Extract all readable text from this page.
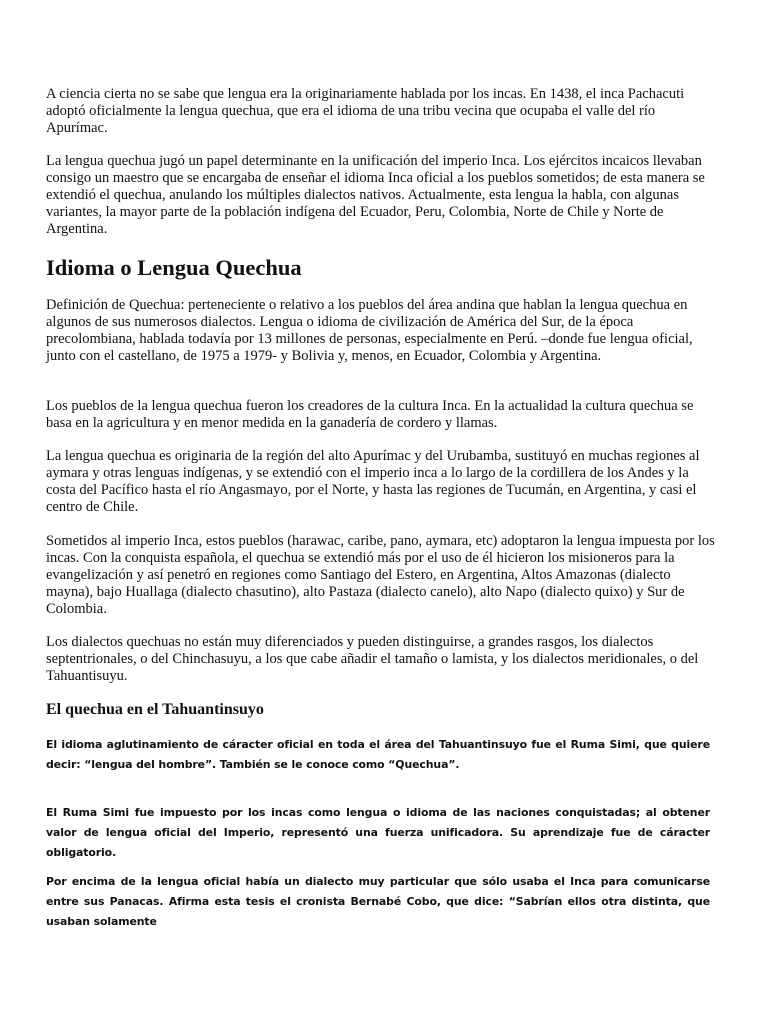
A ciencia cierta no se sabe que lengua era la originariamente hablada por los incas. En 1438, el inca Pachacuti adoptó oficialmente la lengua quechua, que era el idioma de una tribu vecina que ocupaba el valle del río Apurímac.

La lengua quechua jugó un papel determinante en la unificación del imperio Inca. Los ejércitos incaicos llevaban consigo un maestro que se encargaba de enseñar el idioma Inca oficial a los pueblos sometidos; de esta manera se extendió el quechua, anulando los múltiples dialectos nativos. Actualmente, esta lengua la habla, con algunas variantes, la mayor parte de la población indígena del Ecuador, Peru, Colombia, Norte de Chile y Norte de Argentina.

Idioma o Lengua Quechua

Definición de Quechua: perteneciente o relativo a los pueblos del área andina que hablan la lengua quechua en algunos de sus numerosos dialectos. Lengua o idioma de civilización de América del Sur, de la época precolombiana, hablada todavía por 13 millones de personas, especialmente en Perú. –donde fue lengua oficial, junto con el castellano, de 1975 a 1979- y Bolivia y, menos, en Ecuador, Colombia y Argentina.

Los pueblos de la lengua quechua fueron los creadores de la cultura Inca. En la actualidad la cultura quechua se basa en la agricultura y en menor medida en la ganadería de cordero y llamas.

La lengua quechua es originaria de la región del alto Apurímac y del Urubamba, sustituyó en muchas regiones al aymara y otras lenguas indígenas, y se extendió con el imperio inca a lo largo de la cordillera de los Andes y la costa del Pacífico hasta el río Angasmayo, por el Norte, y hasta las regiones de Tucumán, en Argentina, y casi el centro de Chile.

Sometidos al imperio Inca, estos pueblos (harawac, caribe, pano, aymara, etc) adoptaron la lengua impuesta por los incas. Con la conquista española, el quechua se extendió más por el uso de él hicieron los misioneros para la evangelización y así penetró en regiones como Santiago del Estero, en Argentina, Altos Amazonas (dialecto mayna), bajo Huallaga (dialecto chasutino), alto Pastaza (dialecto canelo), alto Napo (dialecto quixo) y Sur de Colombia.

Los dialectos quechuas no están muy diferenciados y pueden distinguirse, a grandes rasgos, los dialectos septentrionales, o del Chinchasuyu, a los que cabe añadir el tamaño o lamista, y los dialectos meridionales, o del Tahuantisuyu.

El quechua en el Tahuantinsuyo

El idioma aglutinamiento de cáracter oficial en toda el área del Tahuantinsuyo fue el Ruma Simi, que quiere decir: “lengua del hombre”. También se le conoce como “Quechua”.

El Ruma Simi fue impuesto por los incas como lengua o idioma de las naciones conquistadas; al obtener valor de lengua oficial del Imperio, representó una fuerza unificadora. Su aprendizaje fue de cáracter obligatorio.

Por encima de la lengua oficial había un dialecto muy particular que sólo usaba el Inca para comunicarse entre sus Panacas. Afirma esta tesis el cronista Bernabé Cobo, que dice: “Sabrían ellos otra distinta, que usaban solamente
